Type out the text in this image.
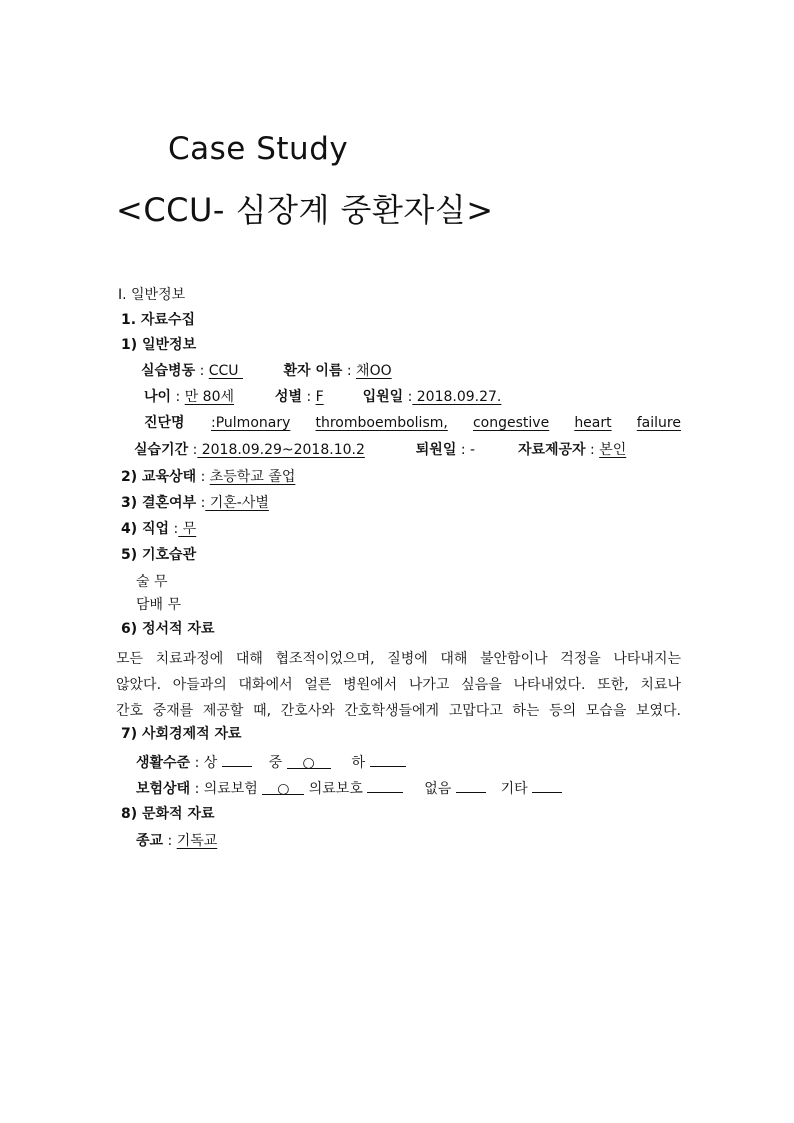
Case Study
<CCU- 심장계 중환자실>
Ⅰ. 일반정보
1. 자료수집
1) 일반정보
실습병동 : CCU	환자 이름 : 채OO
나이 : 만 80세	성별 : F	입원일 : 2018.09.27.
진단명 :Pulmonary thromboembolism, congestive heart failure
실습기간 : 2018.09.29~2018.10.2	퇴원일 : -	자료제공자 : 본인
2) 교육상태 : 초등학교 졸업
3) 결혼여부 : 기혼-사별
4) 직업 : 무
5) 기호습관
술 무
담배 무
6) 정서적 자료
모든 치료과정에 대해 협조적이었으며, 질병에 대해 불안함이나 걱정을 나타내지는
않았다. 아들과의 대화에서 얼른 병원에서 나가고 싶음을 나타내었다. 또한, 치료나
간호 중재를 제공할 때, 간호사와 간호학생들에게 고맙다고 하는 등의 모습을 보였다.
7) 사회경제적 자료
생활수준 : 상	중 ○	하
보험상태 : 의료보험 ○ 의료보호	없음	기타
8) 문화적 자료
종교 : 기독교
